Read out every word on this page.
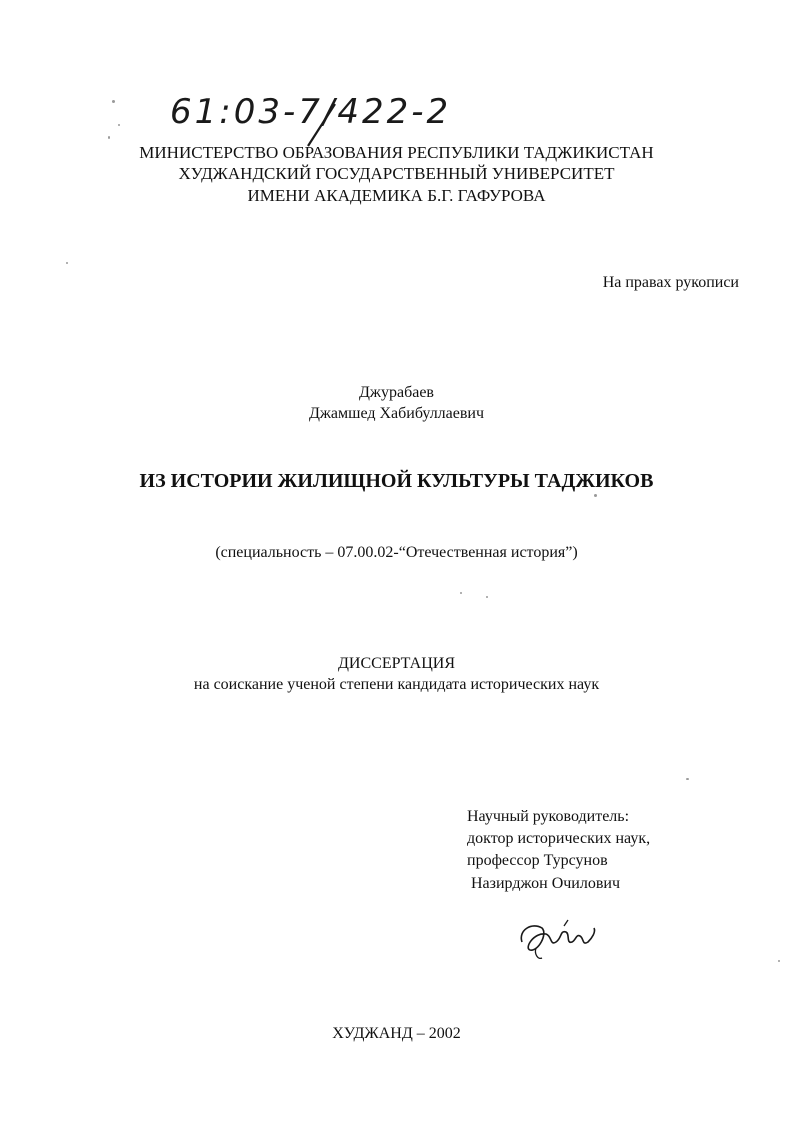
61:03-7/422-2
МИНИСТЕРСТВО ОБРАЗОВАНИЯ РЕСПУБЛИКИ ТАДЖИКИСТАН
ХУДЖАНДСКИЙ ГОСУДАРСТВЕННЫЙ УНИВЕРСИТЕТ
ИМЕНИ АКАДЕМИКА Б.Г. ГАФУРОВА
На правах рукописи
Джурабаев
Джамшед Хабибуллаевич
ИЗ ИСТОРИИ ЖИЛИЩНОЙ КУЛЬТУРЫ ТАДЖИКОВ
(специальность – 07.00.02-“Отечественная история”)
ДИССЕРТАЦИЯ
на соискание ученой степени кандидата исторических наук
Научный руководитель:
доктор исторических наук,
профессор Турсунов
Назирджон Очилович
ХУДЖАНД – 2002
